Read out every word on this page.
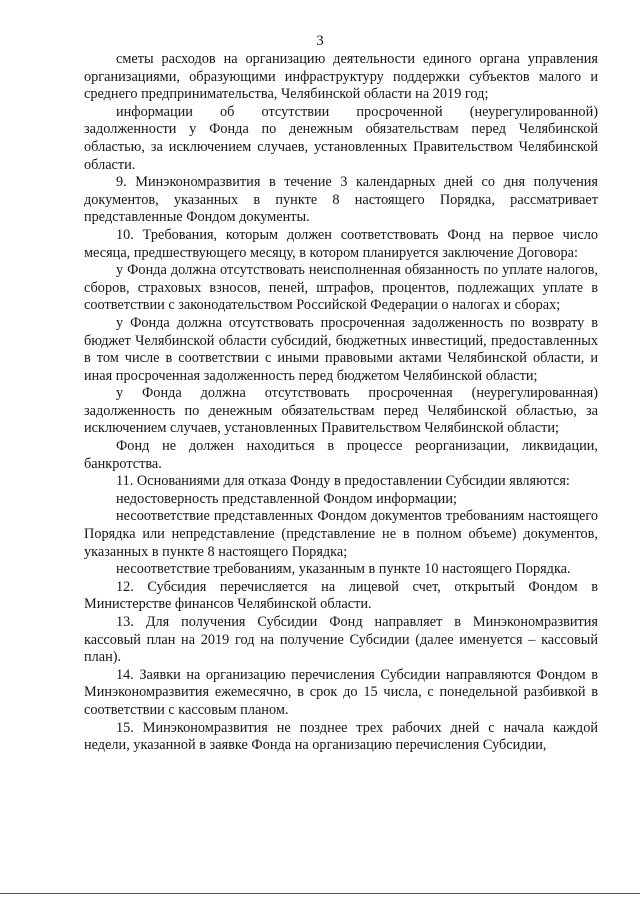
3

сметы расходов на организацию деятельности единого органа управления организациями, образующими инфраструктуру поддержки субъектов малого и среднего предпринимательства, Челябинской области на 2019 год;

информации об отсутствии просроченной (неурегулированной) задолженности у Фонда по денежным обязательствам перед Челябинской областью, за исключением случаев, установленных Правительством Челябинской области.

9. Минэкономразвития в течение 3 календарных дней со дня получения документов, указанных в пункте 8 настоящего Порядка, рассматривает представленные Фондом документы.

10. Требования, которым должен соответствовать Фонд на первое число месяца, предшествующего месяцу, в котором планируется заключение Договора:

у Фонда должна отсутствовать неисполненная обязанность по уплате налогов, сборов, страховых взносов, пеней, штрафов, процентов, подлежащих уплате в соответствии с законодательством Российской Федерации о налогах и сборах;

у Фонда должна отсутствовать просроченная задолженность по возврату в бюджет Челябинской области субсидий, бюджетных инвестиций, предоставленных в том числе в соответствии с иными правовыми актами Челябинской области, и иная просроченная задолженность перед бюджетом Челябинской области;

у Фонда должна отсутствовать просроченная (неурегулированная) задолженность по денежным обязательствам перед Челябинской областью, за исключением случаев, установленных Правительством Челябинской области;

Фонд не должен находиться в процессе реорганизации, ликвидации, банкротства.

11. Основаниями для отказа Фонду в предоставлении Субсидии являются:

недостоверность представленной Фондом информации;

несоответствие представленных Фондом документов требованиям настоящего Порядка или непредставление (представление не в полном объеме) документов, указанных в пункте 8 настоящего Порядка;

несоответствие требованиям, указанным в пункте 10 настоящего Порядка.

12. Субсидия перечисляется на лицевой счет, открытый Фондом в Министерстве финансов Челябинской области.

13. Для получения Субсидии Фонд направляет в Минэкономразвития кассовый план на 2019 год на получение Субсидии (далее именуется – кассовый план).

14. Заявки на организацию перечисления Субсидии направляются Фондом в Минэкономразвития ежемесячно, в срок до 15 числа, с понедельной разбивкой в соответствии с кассовым планом.

15. Минэкономразвития не позднее трех рабочих дней с начала каждой недели, указанной в заявке Фонда на организацию перечисления Субсидии,
